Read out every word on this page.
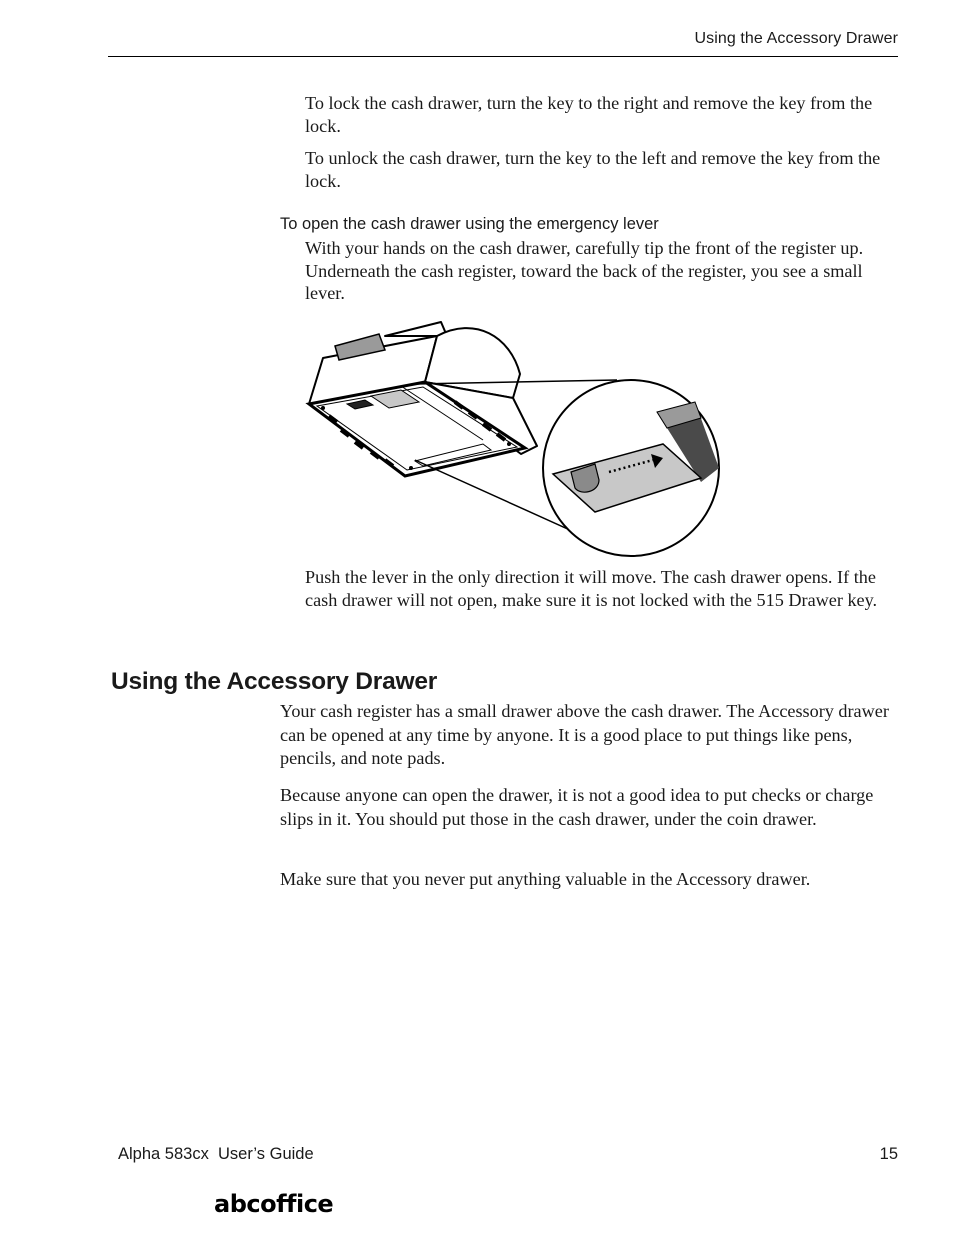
Using the Accessory Drawer

To lock the cash drawer, turn the key to the right and remove the key from the lock.

To unlock the cash drawer, turn the key to the left and remove the key from the lock.

To open the cash drawer using the emergency lever

With your hands on the cash drawer, carefully tip the front of the register up. Underneath the cash register, toward the back of the register, you see a small lever.

Push the lever in the only direction it will move. The cash drawer opens. If the cash drawer will not open, make sure it is not locked with the 515 Drawer key.

Using the Accessory Drawer

Your cash register has a small drawer above the cash drawer. The Accessory drawer can be opened at any time by anyone. It is a good place to put things like pens, pencils, and note pads.

Because anyone can open the drawer, it is not a good idea to put checks or charge slips in it. You should put those in the cash drawer, under the coin drawer.

Make sure that you never put anything valuable in the Accessory drawer.

Alpha 583cx  User’s Guide	15
abcoffice
